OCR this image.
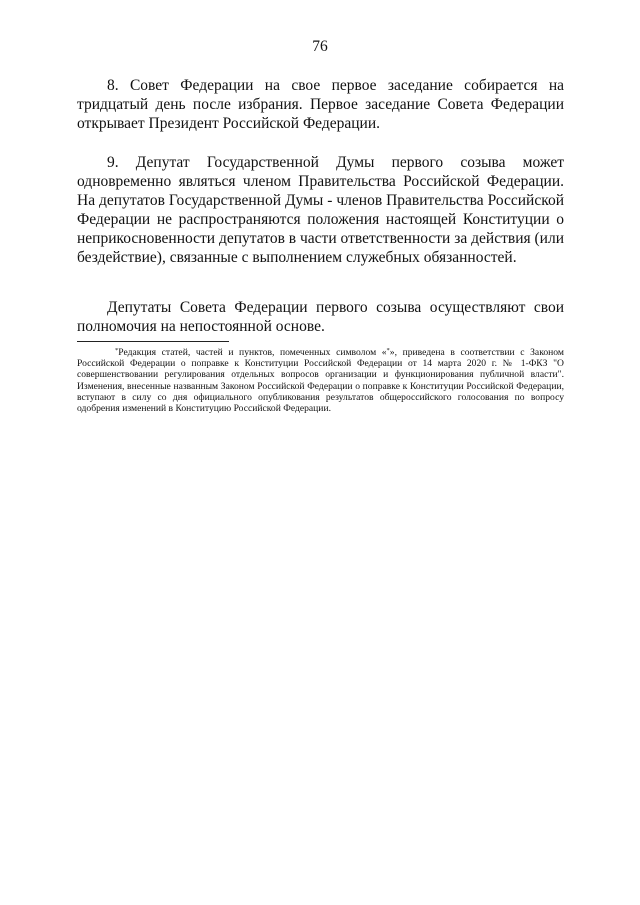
76

8. Совет Федерации на свое первое заседание собирается на тридцатый день после избрания. Первое заседание Совета Федерации открывает Президент Российской Федерации.

9. Депутат Государственной Думы первого созыва может одновременно являться членом Правительства Российской Федерации. На депутатов Государственной Думы - членов Правительства Российской Федерации не распространяются положения настоящей Конституции о неприкосновенности депутатов в части ответственности за действия (или бездействие), связанные с выполнением служебных обязанностей.

Депутаты Совета Федерации первого созыва осуществляют свои полномочия на непостоянной основе.

*Редакция статей, частей и пунктов, помеченных символом «*», приведена в соответствии с Законом Российской Федерации о поправке к Конституции Российской Федерации от 14 марта 2020 г. № 1-ФКЗ "О совершенствовании регулирования отдельных вопросов организации и функционирования публичной власти". Изменения, внесенные названным Законом Российской Федерации о поправке к Конституции Российской Федерации, вступают в силу со дня официального опубликования результатов общероссийского голосования по вопросу одобрения изменений в Конституцию Российской Федерации.
